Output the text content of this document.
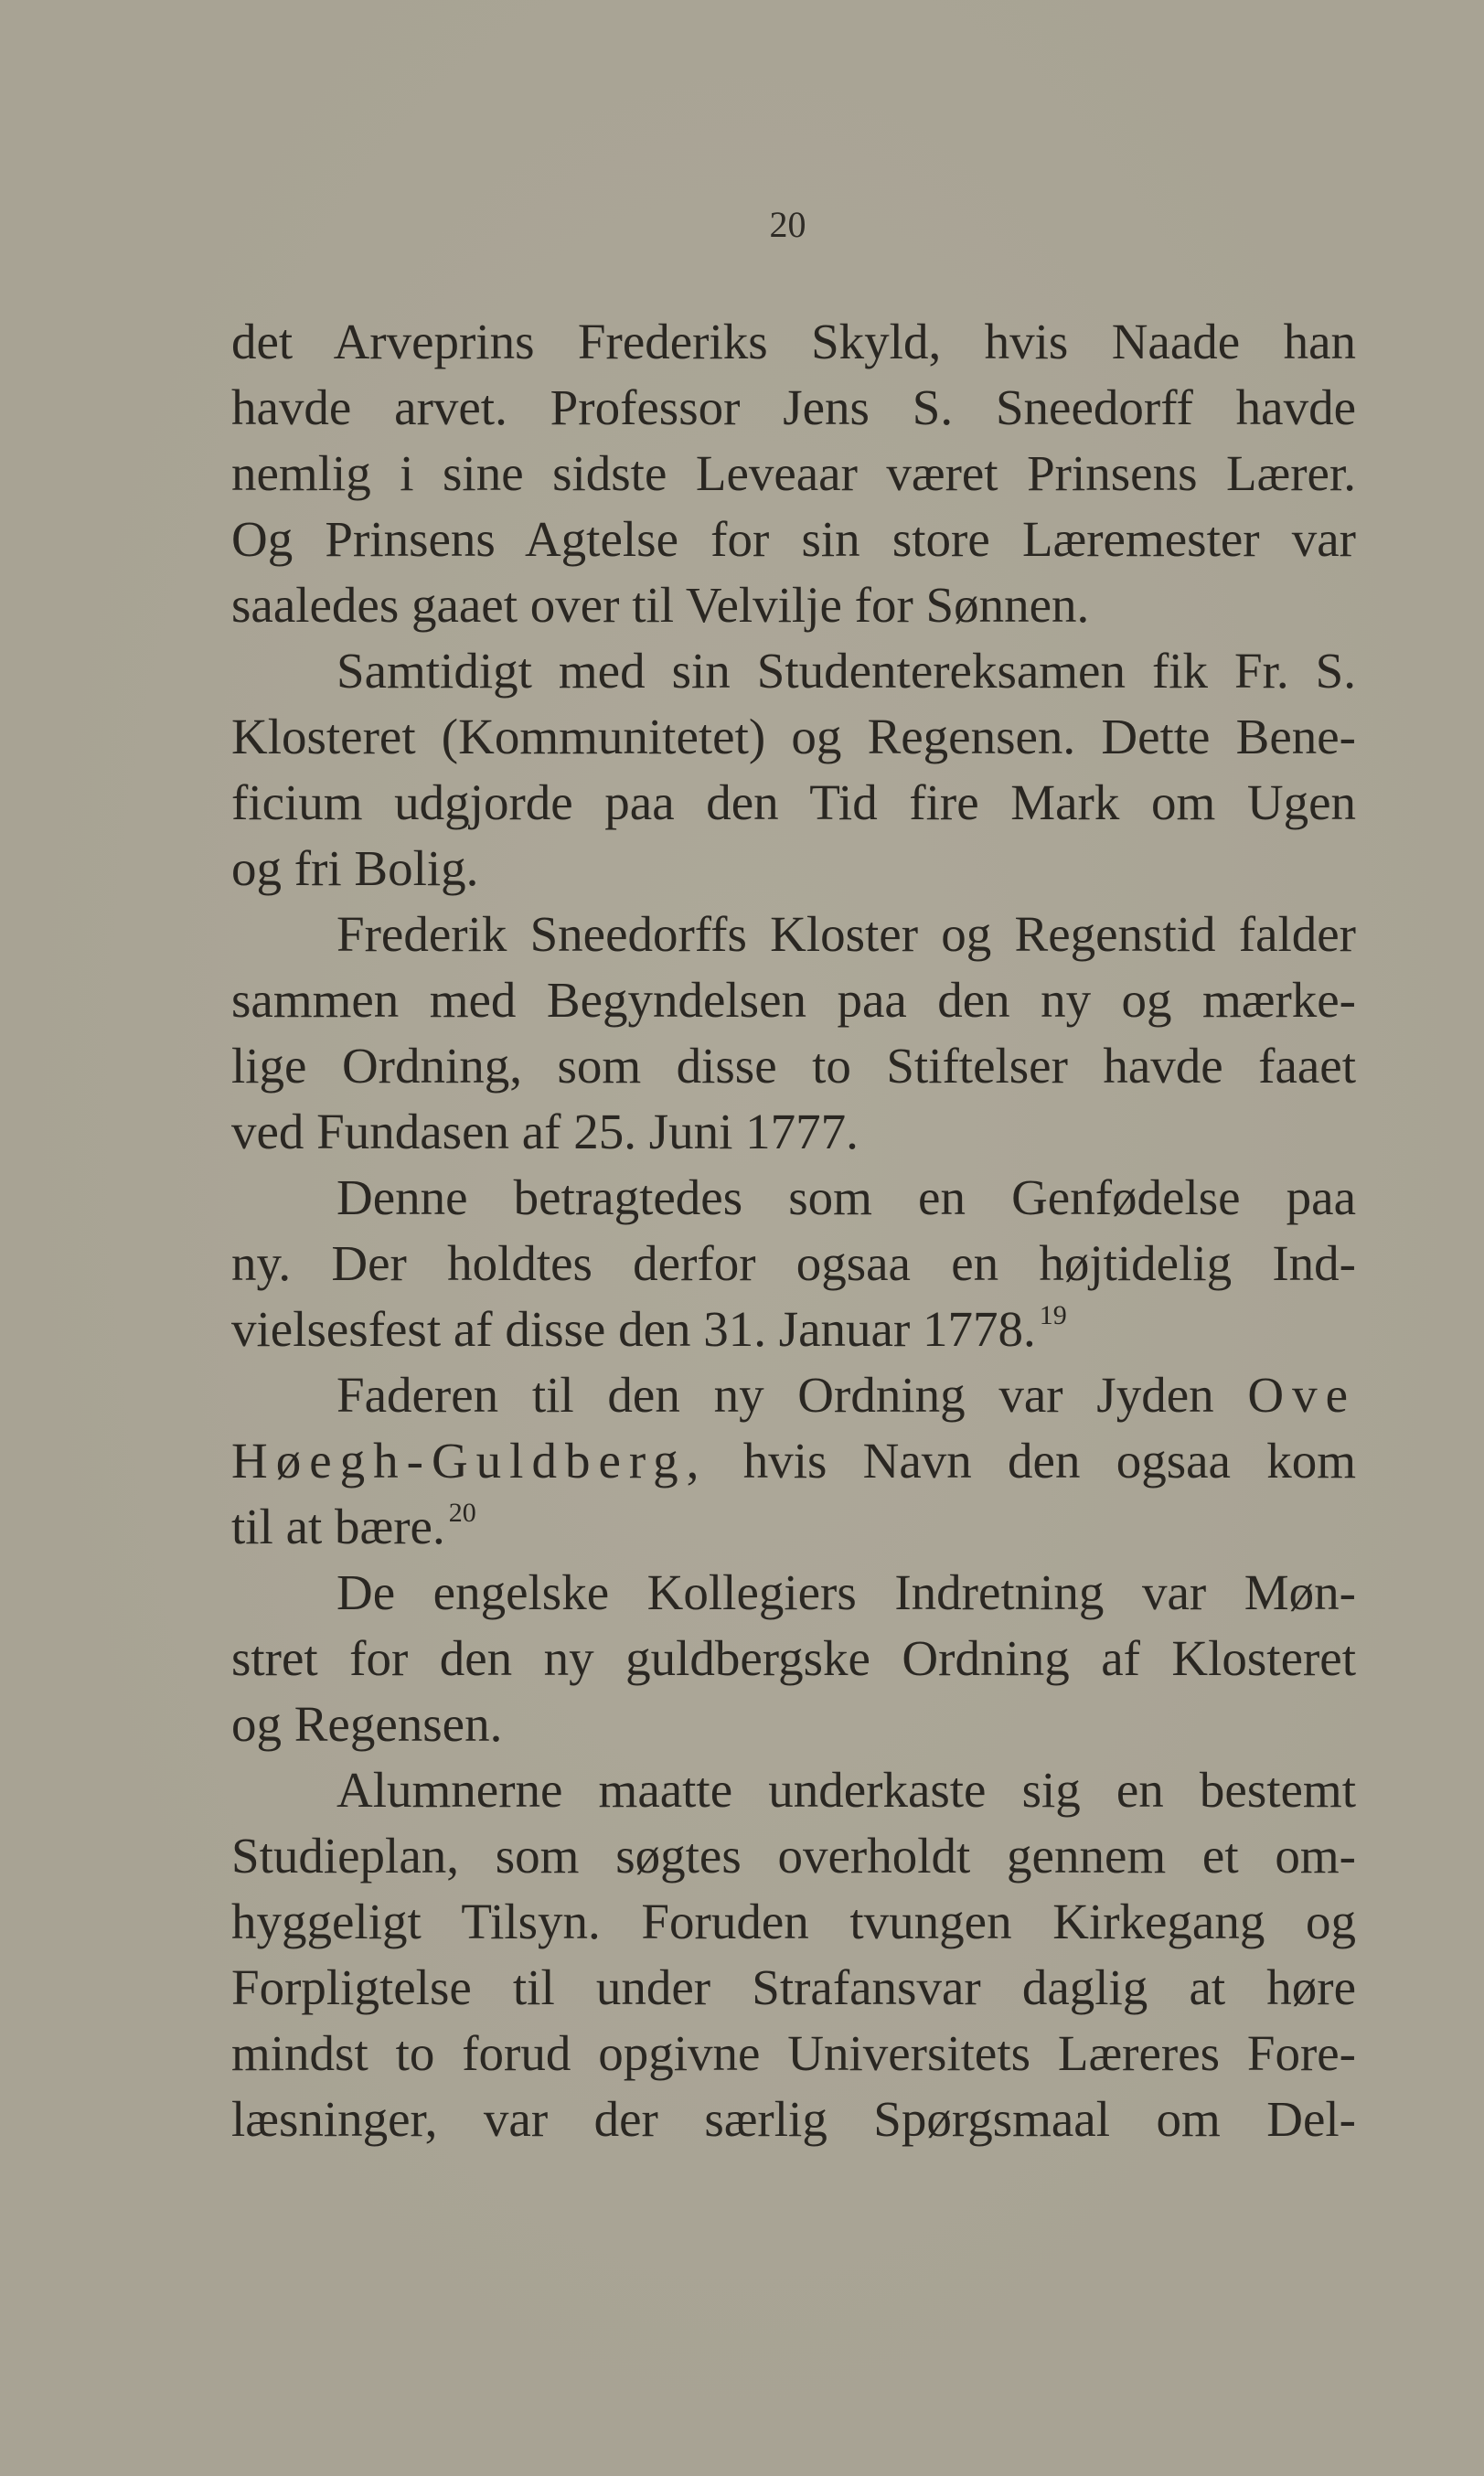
20
det Arveprins Frederiks Skyld, hvis Naade han
havde arvet. Professor Jens S. Sneedorff havde
nemlig i sine sidste Leveaar været Prinsens Lærer.
Og Prinsens Agtelse for sin store Læremester var
saaledes gaaet over til Velvilje for Sønnen.
Samtidigt med sin Studentereksamen fik Fr. S.
Klosteret (Kommunitetet) og Regensen. Dette Bene-
ficium udgjorde paa den Tid fire Mark om Ugen
og fri Bolig.
Frederik Sneedorffs Kloster og Regenstid falder
sammen med Begyndelsen paa den ny og mærke-
lige Ordning, som disse to Stiftelser havde faaet
ved Fundasen af 25. Juni 1777.
Denne betragtedes som en Genfødelse paa
ny. Der holdtes derfor ogsaa en højtidelig Ind-
vielsesfest af disse den 31. Januar 1778. $^{19}$
Faderen til den ny Ordning var Jyden Ove
Høegh-Guldberg, hvis Navn den ogsaa kom
til at bære. $^{20}$
De engelske Kollegiers Indretning var Møn-
stret for den ny guldbergske Ordning af Klosteret
og Regensen.
Alumnerne maatte underkaste sig en bestemt
Studieplan, som søgtes overholdt gennem et om-
hyggeligt Tilsyn. Foruden tvungen Kirkegang og
Forpligtelse til under Strafansvar daglig at høre
mindst to forud opgivne Universitets Læreres Fore-
læsninger, var der særlig Spørgsmaal om Del-
